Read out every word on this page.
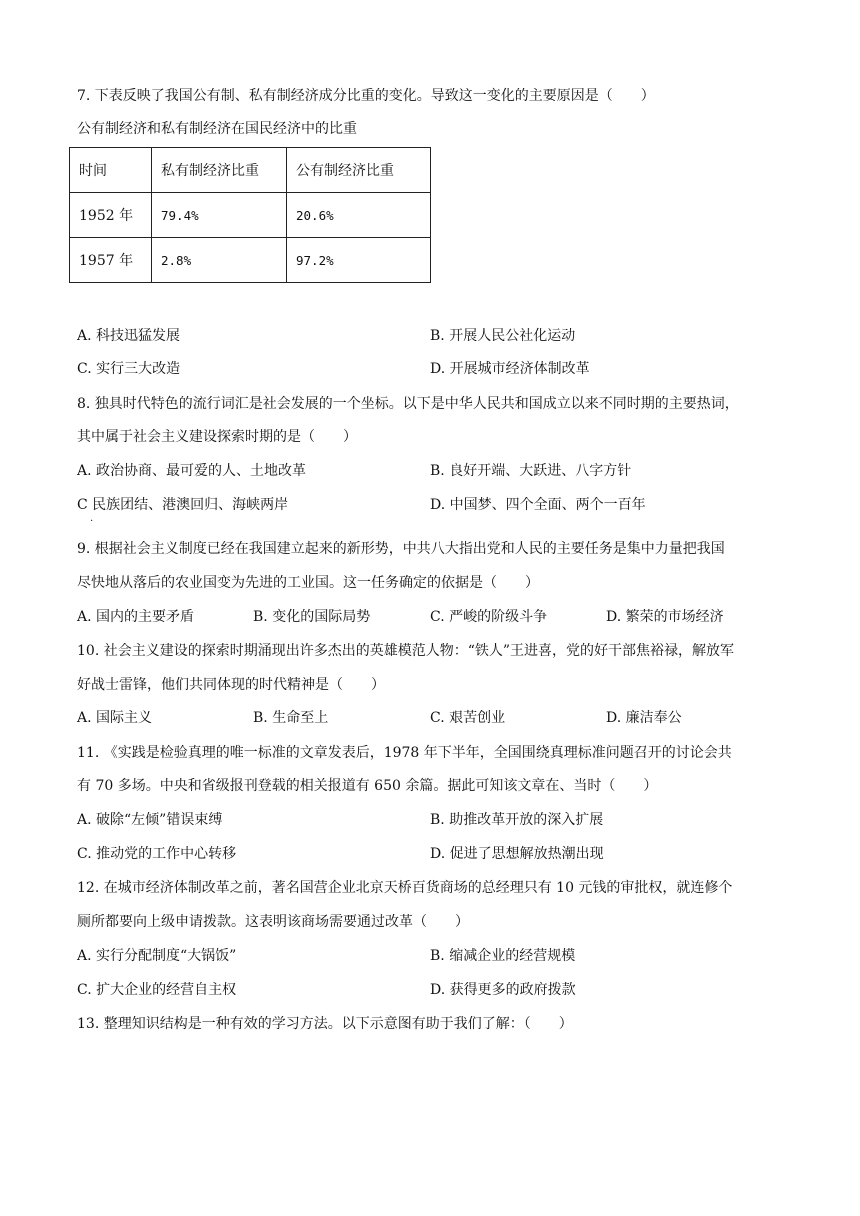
7. 下表反映了我国公有制、私有制经济成分比重的变化。导致这一变化的主要原因是（　　）
公有制经济和私有制经济在国民经济中的比重
时间	私有制经济比重	公有制经济比重
1952 年	79.4%	20.6%
1957 年	2.8%	97.2%
A. 科技迅猛发展	B. 开展人民公社化运动
C. 实行三大改造	D. 开展城市经济体制改革
8. 独具时代特色的流行词汇是社会发展的一个坐标。以下是中华人民共和国成立以来不同时期的主要热词，
其中属于社会主义建设探索时期的是（　　）
A. 政治协商、最可爱的人、土地改革	B. 良好开端、大跃进、八字方针
C 民族团结、港澳回归、海峡两岸	D. 中国梦、四个全面、两个一百年
.
9. 根据社会主义制度已经在我国建立起来的新形势，中共八大指出党和人民的主要任务是集中力量把我国
尽快地从落后的农业国变为先进的工业国。这一任务确定的依据是（　　）
A. 国内的主要矛盾	B. 变化的国际局势	C. 严峻的阶级斗争	D. 繁荣的市场经济
10. 社会主义建设的探索时期涌现出许多杰出的英雄模范人物：“铁人”王进喜，党的好干部焦裕禄，解放军
好战士雷锋，他们共同体现的时代精神是（　　）
A. 国际主义	B. 生命至上	C. 艰苦创业	D. 廉洁奉公
11. 《实践是检验真理的唯一标准的文章发表后，1978 年下半年，全国围绕真理标准问题召开的讨论会共
有 70 多场。中央和省级报刊登载的相关报道有 650 余篇。据此可知该文章在、当时（　　）
A. 破除“左倾”错误束缚	B. 助推改革开放的深入扩展
C. 推动党的工作中心转移	D. 促进了思想解放热潮出现
12. 在城市经济体制改革之前，著名国营企业北京天桥百货商场的总经理只有 10 元钱的审批权，就连修个
厕所都要向上级申请拨款。这表明该商场需要通过改革（　　）
A. 实行分配制度“大锅饭”	B. 缩减企业的经营规模
C. 扩大企业的经营自主权	D. 获得更多的政府拨款
13. 整理知识结构是一种有效的学习方法。以下示意图有助于我们了解：（　　）
